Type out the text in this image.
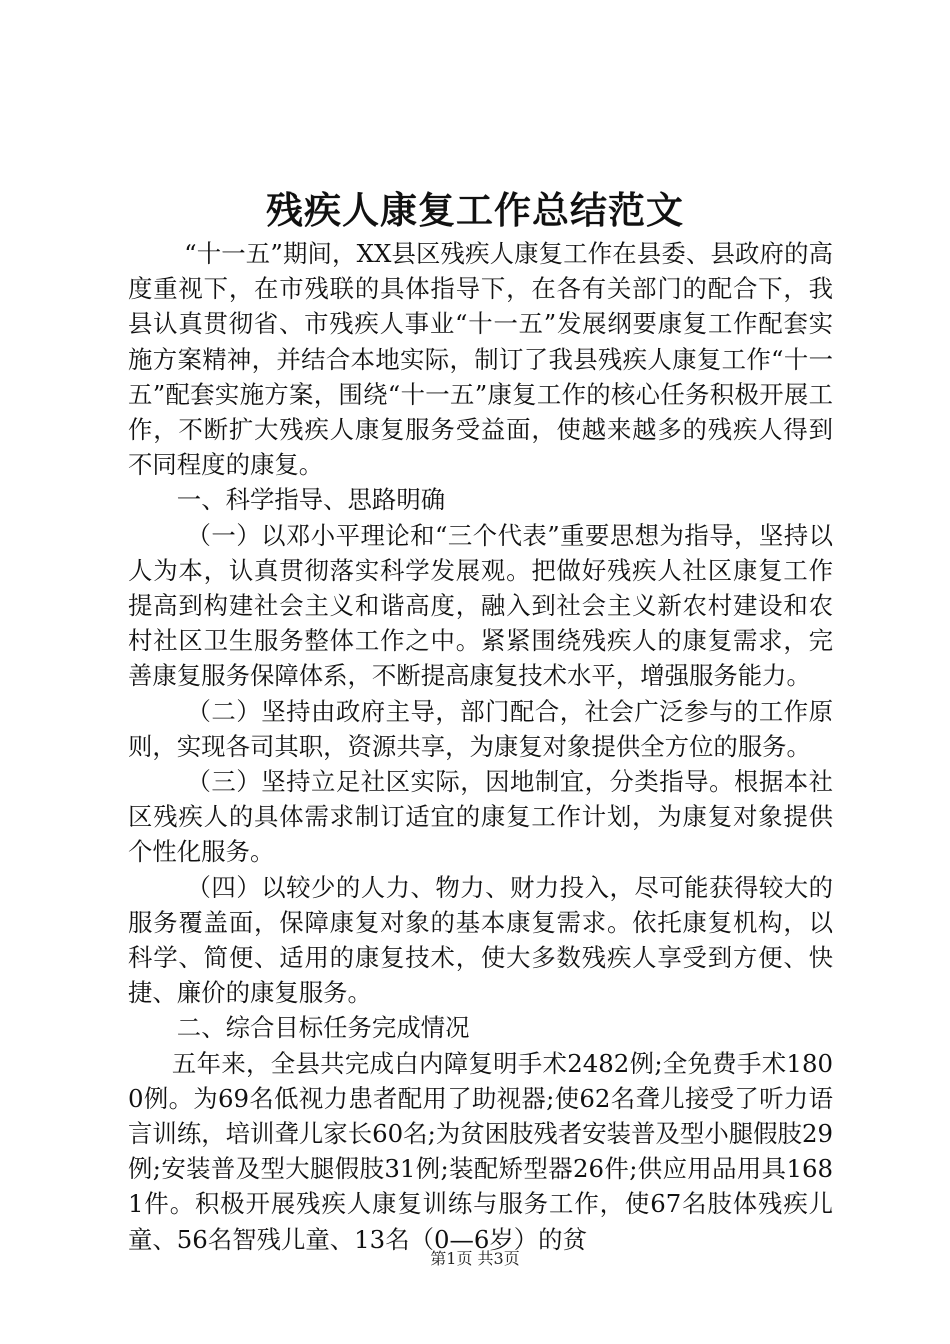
残疾人康复工作总结范文

“十一五”期间，XX县区残疾人康复工作在县委、县政府的高度重视下，在市残联的具体指导下，在各有关部门的配合下，我县认真贯彻省、市残疾人事业“十一五”发展纲要康复工作配套实施方案精神，并结合本地实际，制订了我县残疾人康复工作“十一五”配套实施方案，围绕“十一五”康复工作的核心任务积极开展工作，不断扩大残疾人康复服务受益面，使越来越多的残疾人得到不同程度的康复。

一、科学指导、思路明确

（一）以邓小平理论和“三个代表”重要思想为指导，坚持以人为本，认真贯彻落实科学发展观。把做好残疾人社区康复工作提高到构建社会主义和谐高度，融入到社会主义新农村建设和农村社区卫生服务整体工作之中。紧紧围绕残疾人的康复需求，完善康复服务保障体系，不断提高康复技术水平，增强服务能力。

（二）坚持由政府主导，部门配合，社会广泛参与的工作原则，实现各司其职，资源共享，为康复对象提供全方位的服务。

（三）坚持立足社区实际，因地制宜，分类指导。根据本社区残疾人的具体需求制订适宜的康复工作计划，为康复对象提供个性化服务。

（四）以较少的人力、物力、财力投入，尽可能获得较大的服务覆盖面，保障康复对象的基本康复需求。依托康复机构，以科学、简便、适用的康复技术，使大多数残疾人享受到方便、快捷、廉价的康复服务。

二、综合目标任务完成情况

五年来，全县共完成白内障复明手术2482例;全免费手术1800例。为69名低视力患者配用了助视器;使62名聋儿接受了听力语言训练，培训聋儿家长60名;为贫困肢残者安装普及型小腿假肢29例;安装普及型大腿假肢31例;装配矫型器26件;供应用品用具1681件。积极开展残疾人康复训练与服务工作，使67名肢体残疾儿童、56名智残儿童、13名（0—6岁）的贫

第1页 共3页
